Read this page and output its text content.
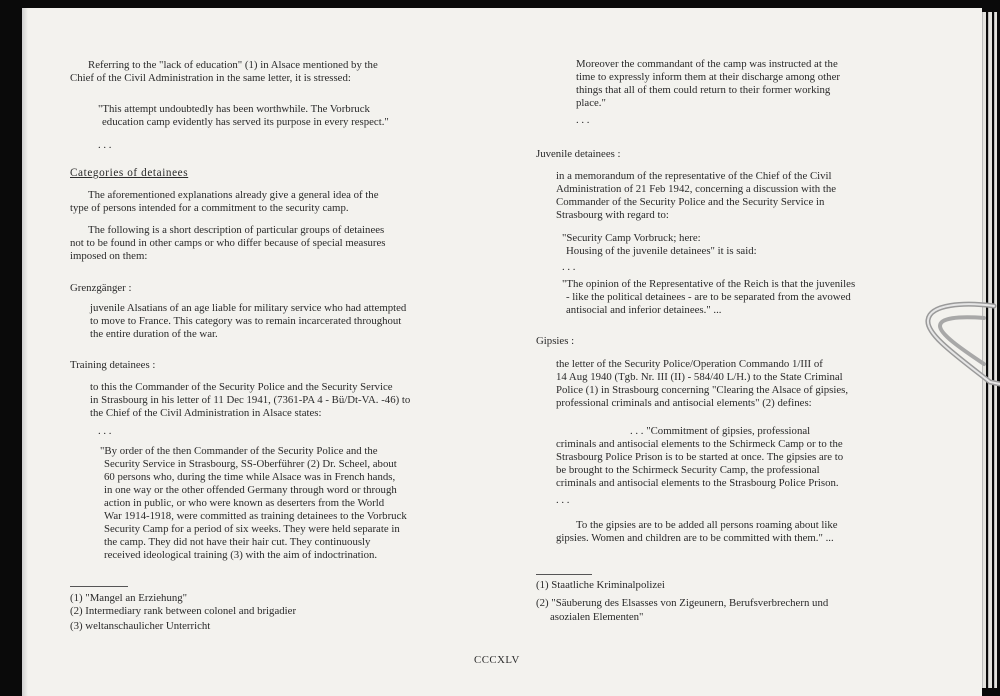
Referring to the "lack of education" (1) in Alsace mentioned by the
Chief of the Civil Administration in the same letter, it is stressed:
"This attempt undoubtedly has been worthwhile. The Vorbruck
education camp evidently has served its purpose in every respect."
. . .
Categories of detainees
The aforementioned explanations already give a general idea of the
type of persons intended for a commitment to the security camp.
The following is a short description of particular groups of detainees
not to be found in other camps or who differ because of special measures
imposed on them:
Grenzgänger :
juvenile Alsatians of an age liable for military service who had attempted
to move to France. This category was to remain incarcerated throughout
the entire duration of the war.
Training detainees :
to this the Commander of the Security Police and the Security Service
in Strasbourg in his letter of 11 Dec 1941, (7361-PA 4 - Bü/Dt-VA. -46) to
the Chief of the Civil Administration in Alsace states:
. . .
"By order of the then Commander of the Security Police and the
Security Service in Strasbourg, SS-Oberführer (2) Dr. Scheel, about
60 persons who, during the time while Alsace was in French hands,
in one way or the other offended Germany through word or through
action in public, or who were known as deserters from the World
War 1914-1918, were committed as training detainees to the Vorbruck
Security Camp for a period of six weeks. They were held separate in
the camp. They did not have their hair cut. They continuously
received ideological training (3) with the aim of indoctrination.
(1) "Mangel an Erziehung"
(2) Intermediary rank between colonel and brigadier
(3) weltanschaulicher Unterricht
Moreover the commandant of the camp was instructed at the
time to expressly inform them at their discharge among other
things that all of them could return to their former working
place."
. . .
Juvenile detainees :
in a memorandum of the representative of the Chief of the Civil
Administration of 21 Feb 1942, concerning a discussion with the
Commander of the Security Police and the Security Service in
Strasbourg with regard to:
"Security Camp Vorbruck; here:
Housing of the juvenile detainees" it is said:
. . .
"The opinion of the Representative of the Reich is that the juveniles
- like the political detainees - are to be separated from the avowed
antisocial and inferior detainees." ...
Gipsies :
the letter of the Security Police/Operation Commando 1/III of
14 Aug 1940 (Tgb. Nr. III (II) - 584/40 L/H.) to the State Criminal
Police (1) in Strasbourg concerning "Clearing the Alsace of gipsies,
professional criminals and antisocial elements" (2) defines:
. . . "Commitment of gipsies, professional
criminals and antisocial elements to the Schirmeck Camp or to the
Strasbourg Police Prison is to be started at once. The gipsies are to
be brought to the Schirmeck Security Camp, the professional
criminals and antisocial elements to the Strasbourg Police Prison.
. . .
To the gipsies are to be added all persons roaming about like
gipsies. Women and children are to be committed with them." ...
(1) Staatliche Kriminalpolizei
(2) "Säuberung des Elsasses von Zigeunern, Berufsverbrechern und
asozialen Elementen"
CCCXLV
